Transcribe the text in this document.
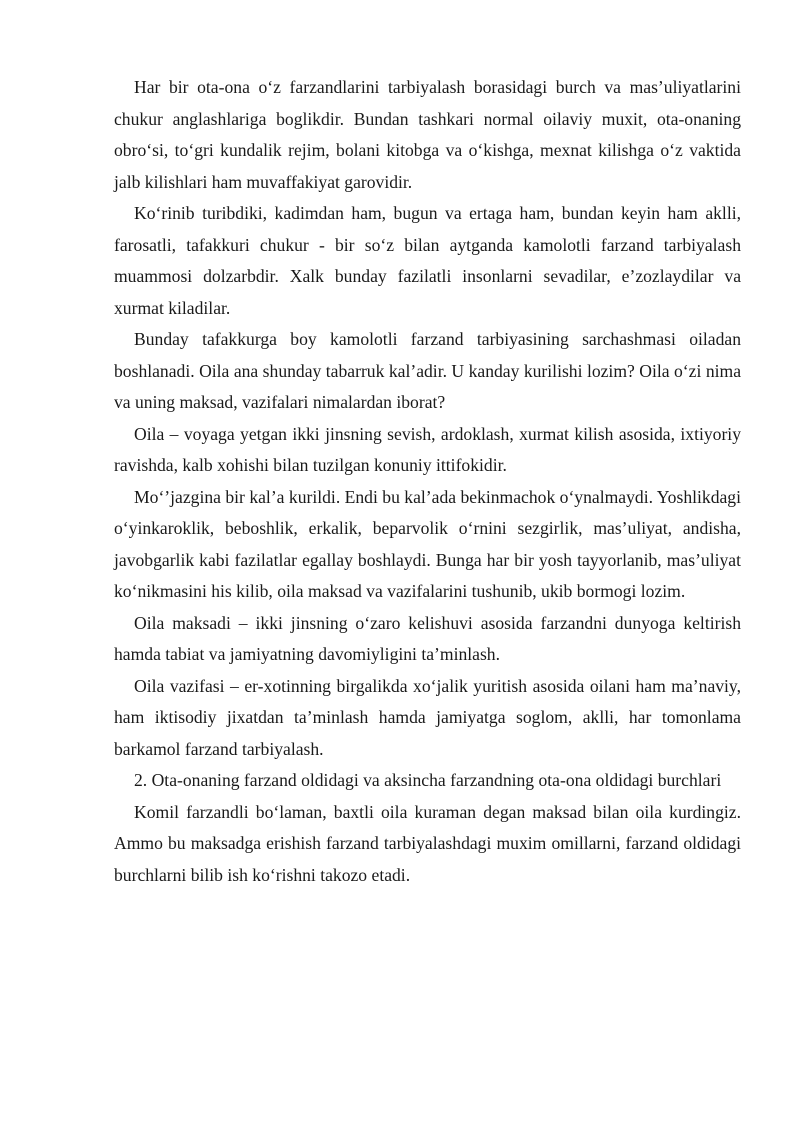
Har bir ota-ona o‘z farzandlarini tarbiyalash borasidagi burch va mas’uliyatlarini chukur anglashlariga boglikdir. Bundan tashkari normal oilaviy muxit, ota-onaning obro‘si, to‘gri kundalik rejim, bolani kitobga va o‘kishga, mexnat kilishga o‘z vaktida jalb kilishlari ham muvaffakiyat garovidir.

Ko‘rinib turibdiki, kadimdan ham, bugun va ertaga ham, bundan keyin ham aklli, farosatli, tafakkuri chukur - bir so‘z bilan aytganda kamolotli farzand tarbiyalash muammosi dolzarbdir. Xalk bunday fazilatli insonlarni sevadilar, e’zozlaydilar va xurmat kiladilar.

Bunday tafakkurga boy kamolotli farzand tarbiyasining sarchashmasi oiladan boshlanadi. Oila ana shunday tabarruk kal’adir. U kanday kurilishi lozim? Oila o‘zi nima va uning maksad, vazifalari nimalardan iborat?

Oila – voyaga yetgan ikki jinsning sevish, ardoklash, xurmat kilish asosida, ixtiyoriy ravishda, kalb xohishi bilan tuzilgan konuniy ittifokidir.

Mo‘’jazgina bir kal’a kurildi. Endi bu kal’ada bekinmachok o‘ynalmaydi. Yoshlikdagi o‘yinkaroklik, beboshlik, erkalik, beparvolik o‘rnini sezgirlik, mas’uliyat, andisha, javobgarlik kabi fazilatlar egallay boshlaydi. Bunga har bir yosh tayyorlanib, mas’uliyat ko‘nikmasini his kilib, oila maksad va vazifalarini tushunib, ukib bormogi lozim.

Oila maksadi – ikki jinsning o‘zaro kelishuvi asosida farzandni dunyoga keltirish hamda tabiat va jamiyatning davomiyligini ta’minlash.

Oila vazifasi – er-xotinning birgalikda xo‘jalik yuritish asosida oilani ham ma’naviy, ham iktisodiy jixatdan ta’minlash hamda jamiyatga soglom, aklli, har tomonlama barkamol farzand tarbiyalash.

2. Ota-onaning farzand oldidagi va aksincha farzandning ota-ona oldidagi burchlari

Komil farzandli bo‘laman, baxtli oila kuraman degan maksad bilan oila kurdingiz. Ammo bu maksadga erishish farzand tarbiyalashdagi muxim omillarni, farzand oldidagi burchlarni bilib ish ko‘rishni takozo etadi.
